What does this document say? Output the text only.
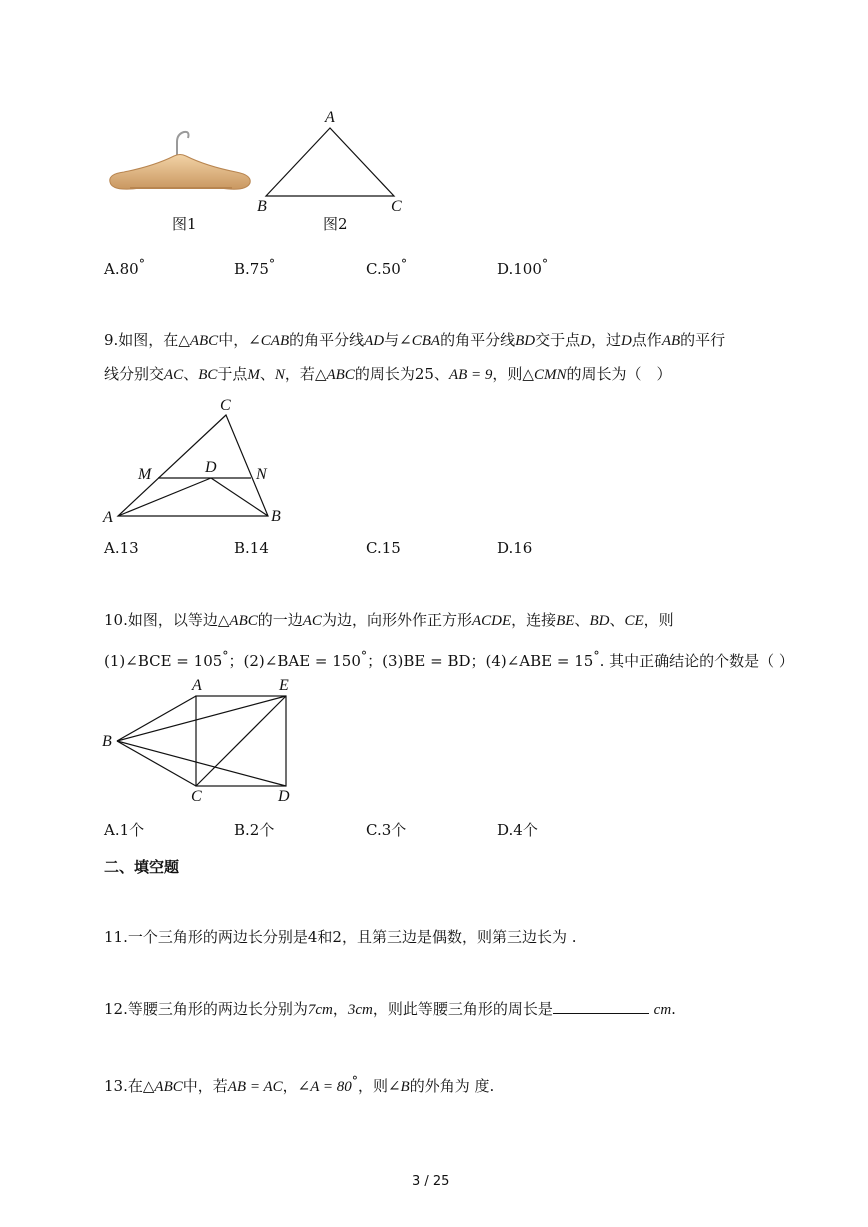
图1
A
B	C
图2
A.80°	B.75°	C.50°	D.100°
9.如图，在△ABC中，∠CAB的角平分线AD与∠CBA的角平分线BD交于点D，过D点作AB的平行
线分别交AC、BC于点M、N，若△ABC的周长为25、AB = 9，则△CMN的周长为（　）
C
M	D N
A	B
A.13	B.14	C.15	D.16
10.如图，以等边△ABC的一边AC为边，向形外作正方形ACDE，连接BE、BD、CE，则
(1)∠BCE = 105°；(2)∠BAE = 150°；(3)BE = BD；(4)∠ABE = 15°. 其中正确结论的个数是（ ）
A	E
B
C	D
A.1个	B.2个	C.3个	D.4个
二、填空题
11.一个三角形的两边长分别是4和2，且第三边是偶数，则第三边长为 .
12.等腰三角形的两边长分别为7cm，3cm，则此等腰三角形的周长是	cm.
13.在△ABC中，若AB = AC，∠A = 80°，则∠B的外角为 度.
3 / 25
